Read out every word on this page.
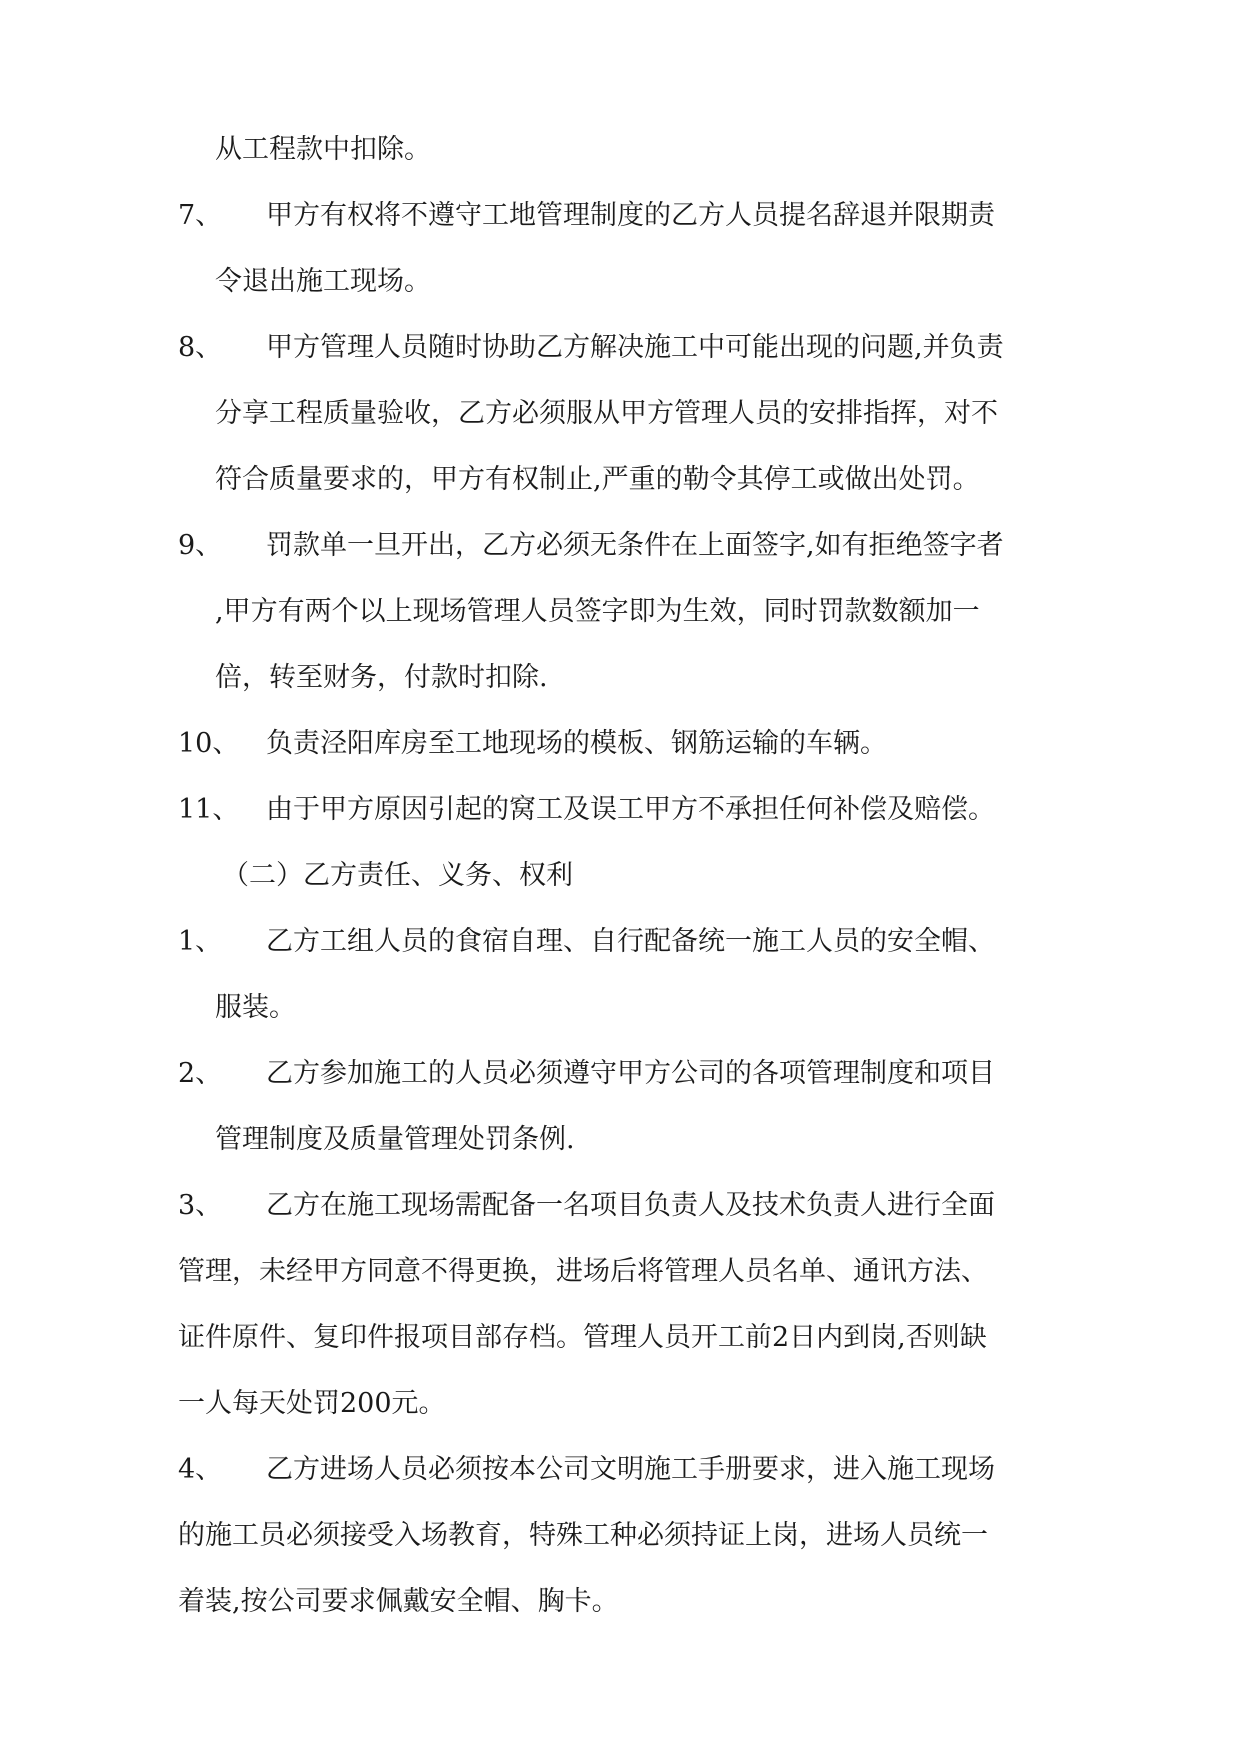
从工程款中扣除。
7、 甲方有权将不遵守工地管理制度的乙方人员提名辞退并限期责
令退出施工现场。
8、 甲方管理人员随时协助乙方解决施工中可能出现的问题,并负责
分享工程质量验收，乙方必须服从甲方管理人员的安排指挥，对不
符合质量要求的，甲方有权制止,严重的勒令其停工或做出处罚。
9、 罚款单一旦开出，乙方必须无条件在上面签字,如有拒绝签字者
,甲方有两个以上现场管理人员签字即为生效，同时罚款数额加一
倍，转至财务，付款时扣除.
10、 负责泾阳库房至工地现场的模板、钢筋运输的车辆。
11、 由于甲方原因引起的窝工及误工甲方不承担任何补偿及赔偿。
（二）乙方责任、义务、权利
1、 乙方工组人员的食宿自理、自行配备统一施工人员的安全帽、
服装。
2、 乙方参加施工的人员必须遵守甲方公司的各项管理制度和项目
管理制度及质量管理处罚条例.
3、 乙方在施工现场需配备一名项目负责人及技术负责人进行全面
管理，未经甲方同意不得更换，进场后将管理人员名单、通讯方法、
证件原件、复印件报项目部存档。管理人员开工前2日内到岗,否则缺
一人每天处罚200元。
4、 乙方进场人员必须按本公司文明施工手册要求，进入施工现场
的施工员必须接受入场教育，特殊工种必须持证上岗，进场人员统一
着装,按公司要求佩戴安全帽、胸卡。
